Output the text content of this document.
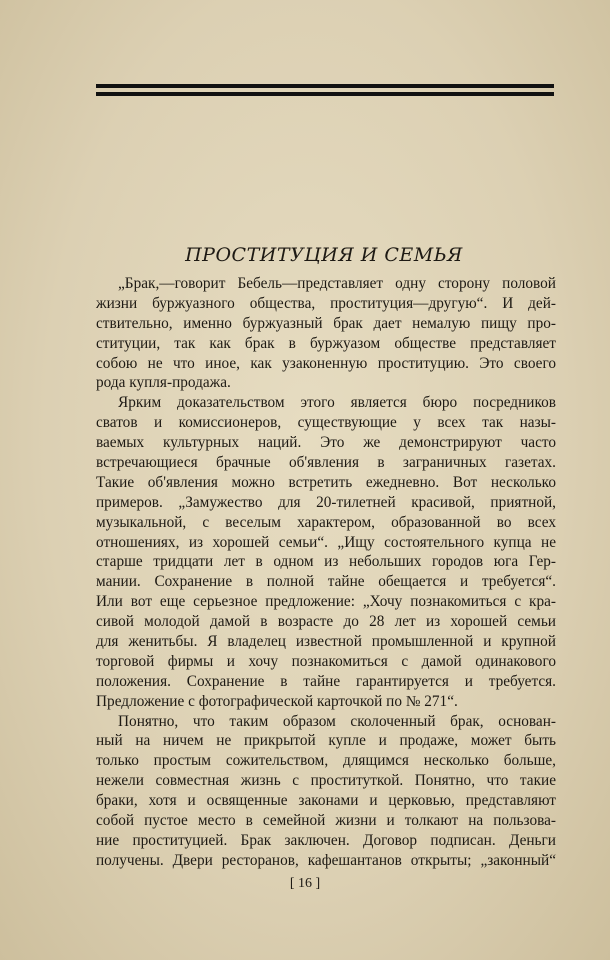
ПРОСТИТУЦИЯ И СЕМЬЯ
„Брак,—говорит Бебель—представляет одну сторону половой
жизни буржуазного общества, проституция—другую“. И дей-
ствительно, именно буржуазный брак дает немалую пищу про-
ституции, так как брак в буржуазом обществе представляет
собою не что иное, как узаконенную проституцию. Это своего
рода купля-продажа.
Ярким доказательством этого является бюро посредников
сватов и комиссионеров, существующие у всех так назы-
ваемых культурных наций. Это же демонстрируют часто
встречающиеся брачные об'явления в заграничных газетах.
Такие об'явления можно встретить ежедневно. Вот несколько
примеров. „Замужество для 20-тилетней красивой, приятной,
музыкальной, с веселым характером, образованной во всех
отношениях, из хорошей семьи“. „Ищу состоятельного купца не
старше тридцати лет в одном из небольших городов юга Гер-
мании. Сохранение в полной тайне обещается и требуется“.
Или вот еще серьезное предложение: „Хочу познакомиться с кра-
сивой молодой дамой в возрасте до 28 лет из хорошей семьи
для женитьбы. Я владелец известной промышленной и крупной
торговой фирмы и хочу познакомиться с дамой одинакового
положения. Сохранение в тайне гарантируется и требуется.
Предложение с фотографической карточкой по № 271“.
Понятно, что таким образом сколоченный брак, основан-
ный на ничем не прикрытой купле и продаже, может быть
только простым сожительством, длящимся несколько больше,
нежели совместная жизнь с проституткой. Понятно, что такие
браки, хотя и освященные законами и церковью, представляют
собой пустое место в семейной жизни и толкают на пользова-
ние проституцией. Брак заключен. Договор подписан. Деньги
получены. Двери ресторанов, кафешантанов открыты; „законный“
[ 16 ]
